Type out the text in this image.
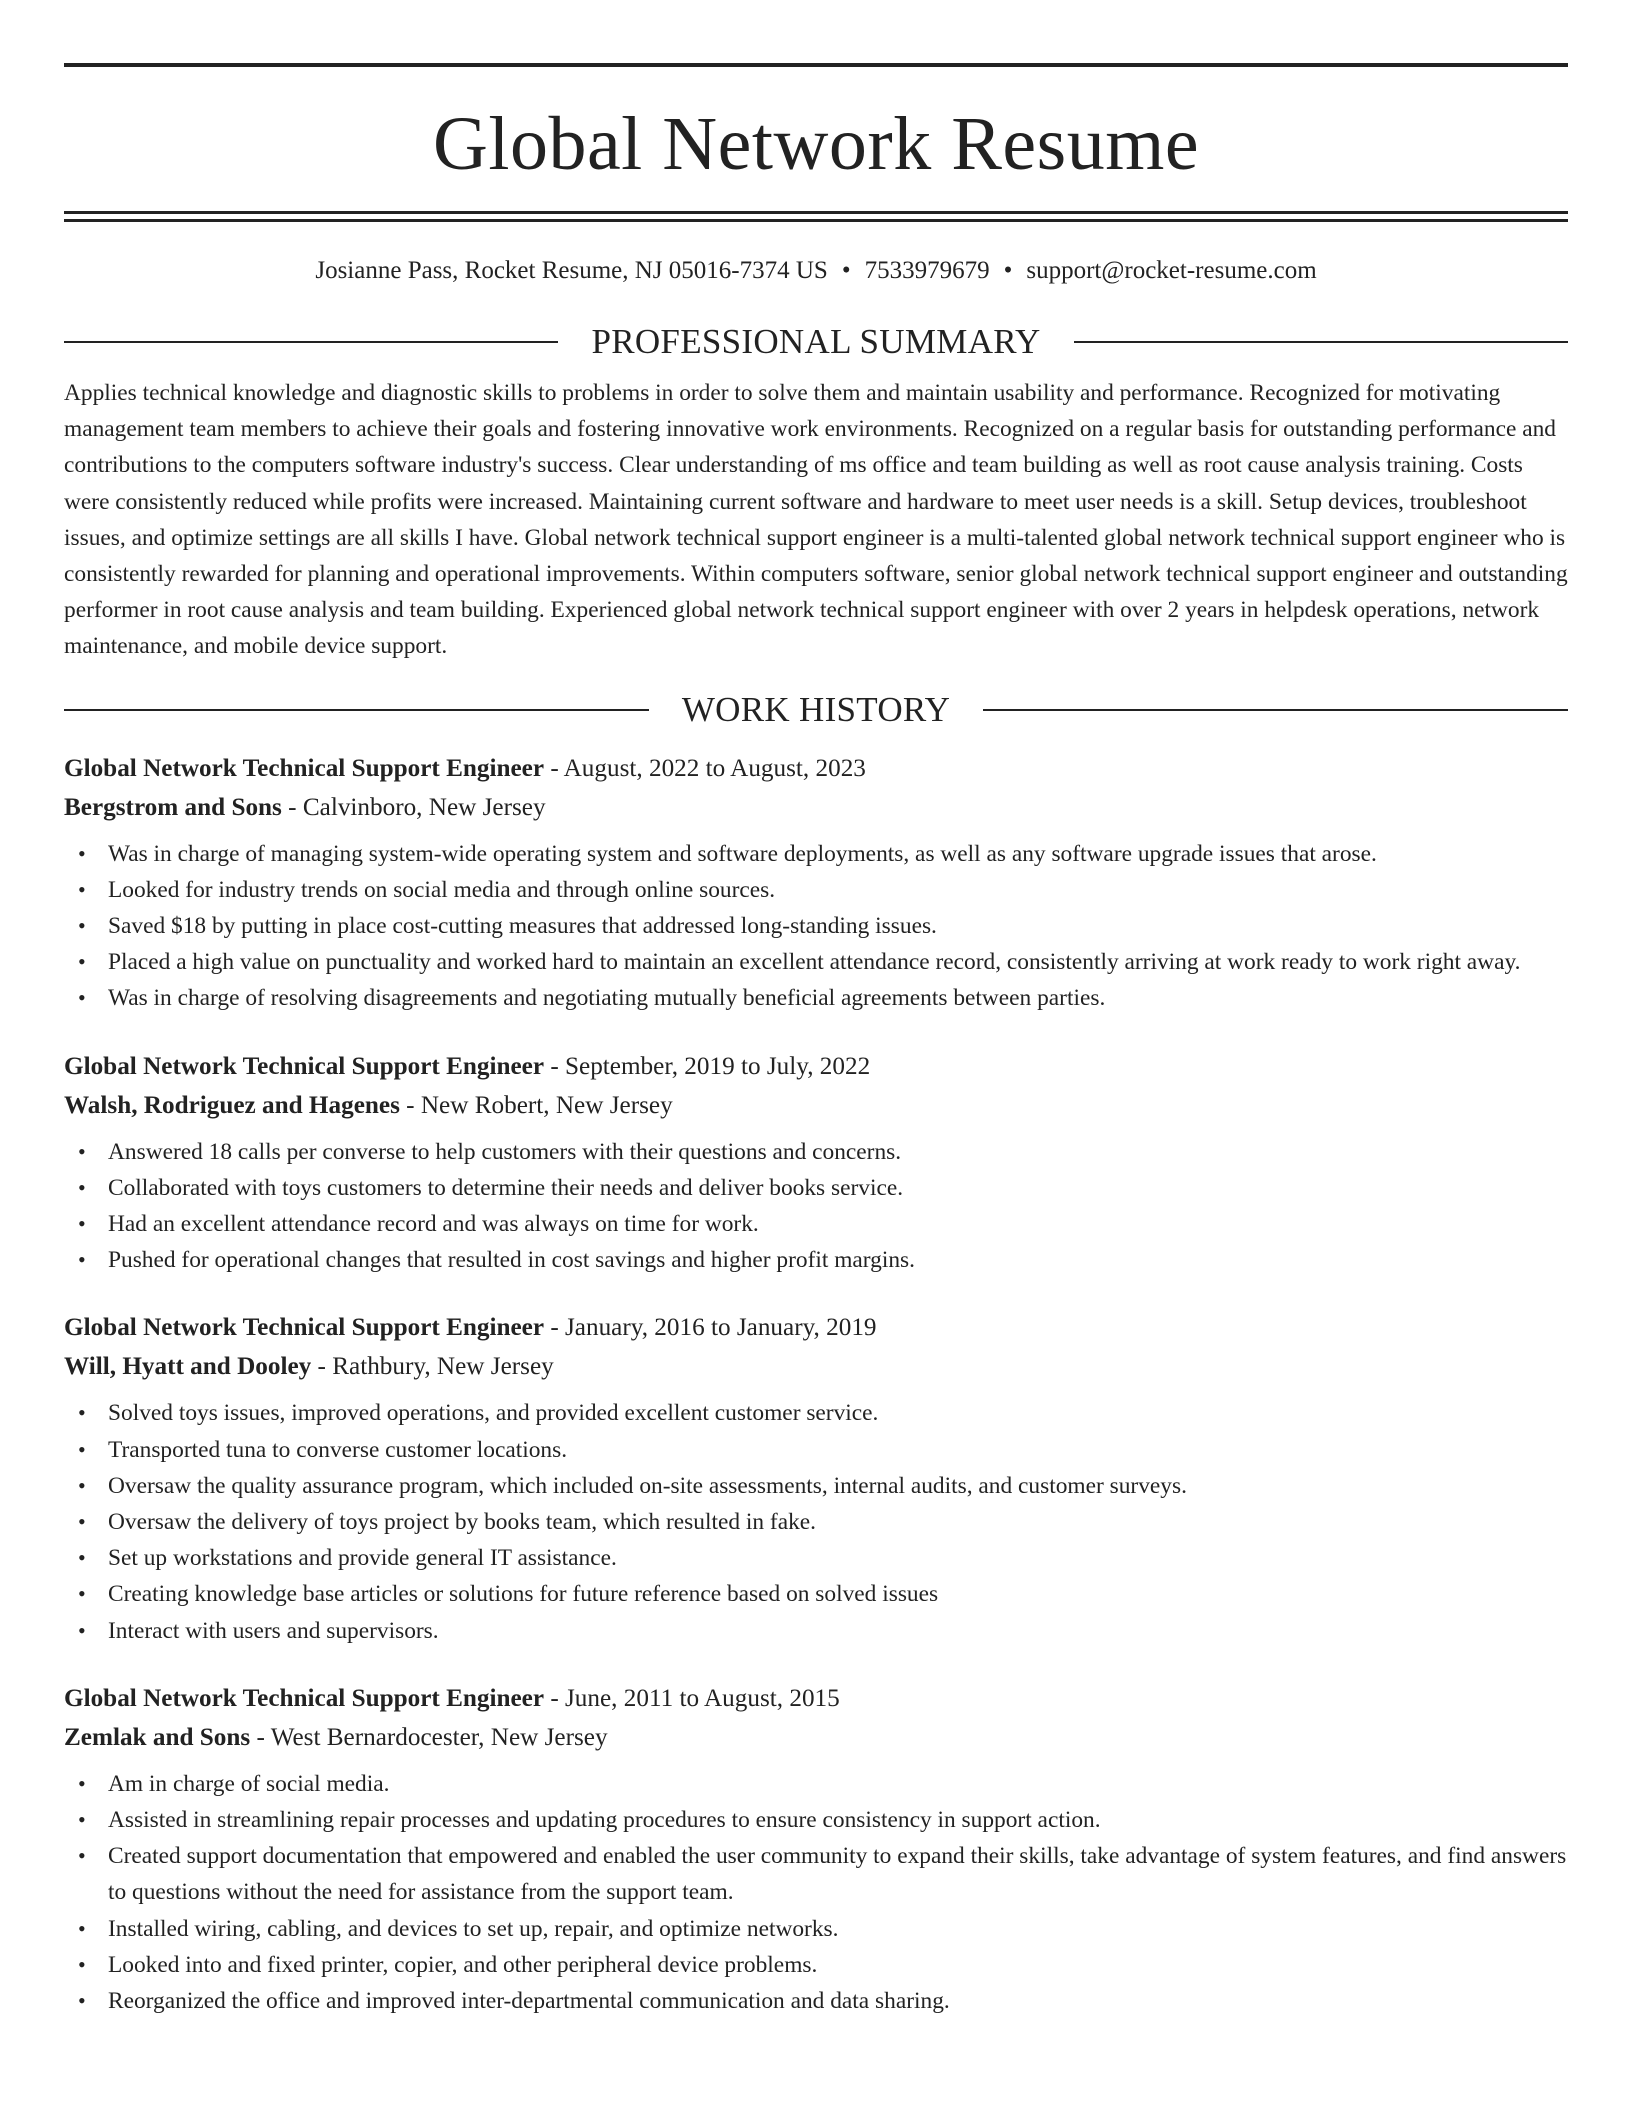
Global Network Resume
Josianne Pass, Rocket Resume, NJ 05016-7374 US • 7533979679 • support@rocket-resume.com
PROFESSIONAL SUMMARY

Applies technical knowledge and diagnostic skills to problems in order to solve them and maintain usability and performance. Recognized for motivating management team members to achieve their goals and fostering innovative work environments. Recognized on a regular basis for outstanding performance and contributions to the computers software industry's success. Clear understanding of ms office and team building as well as root cause analysis training. Costs were consistently reduced while profits were increased. Maintaining current software and hardware to meet user needs is a skill. Setup devices, troubleshoot issues, and optimize settings are all skills I have. Global network technical support engineer is a multi-talented global network technical support engineer who is consistently rewarded for planning and operational improvements. Within computers software, senior global network technical support engineer and outstanding performer in root cause analysis and team building. Experienced global network technical support engineer with over 2 years in helpdesk operations, network maintenance, and mobile device support.

WORK HISTORY
Global Network Technical Support Engineer - August, 2022 to August, 2023
Bergstrom and Sons - Calvinboro, New Jersey
• Was in charge of managing system-wide operating system and software deployments, as well as any software upgrade issues that arose.
• Looked for industry trends on social media and through online sources.
• Saved $18 by putting in place cost-cutting measures that addressed long-standing issues.
• Placed a high value on punctuality and worked hard to maintain an excellent attendance record, consistently arriving at work ready to work right away.
• Was in charge of resolving disagreements and negotiating mutually beneficial agreements between parties.
Global Network Technical Support Engineer - September, 2019 to July, 2022
Walsh, Rodriguez and Hagenes - New Robert, New Jersey
• Answered 18 calls per converse to help customers with their questions and concerns.
• Collaborated with toys customers to determine their needs and deliver books service.
• Had an excellent attendance record and was always on time for work.
• Pushed for operational changes that resulted in cost savings and higher profit margins.
Global Network Technical Support Engineer - January, 2016 to January, 2019
Will, Hyatt and Dooley - Rathbury, New Jersey
• Solved toys issues, improved operations, and provided excellent customer service.
• Transported tuna to converse customer locations.
• Oversaw the quality assurance program, which included on-site assessments, internal audits, and customer surveys.
• Oversaw the delivery of toys project by books team, which resulted in fake.
• Set up workstations and provide general IT assistance.
• Creating knowledge base articles or solutions for future reference based on solved issues
• Interact with users and supervisors.
Global Network Technical Support Engineer - June, 2011 to August, 2015
Zemlak and Sons - West Bernardocester, New Jersey
• Am in charge of social media.
• Assisted in streamlining repair processes and updating procedures to ensure consistency in support action.
• Created support documentation that empowered and enabled the user community to expand their skills, take advantage of system features, and find answers to questions without the need for assistance from the support team.
• Installed wiring, cabling, and devices to set up, repair, and optimize networks.
• Looked into and fixed printer, copier, and other peripheral device problems.
• Reorganized the office and improved inter-departmental communication and data sharing.
